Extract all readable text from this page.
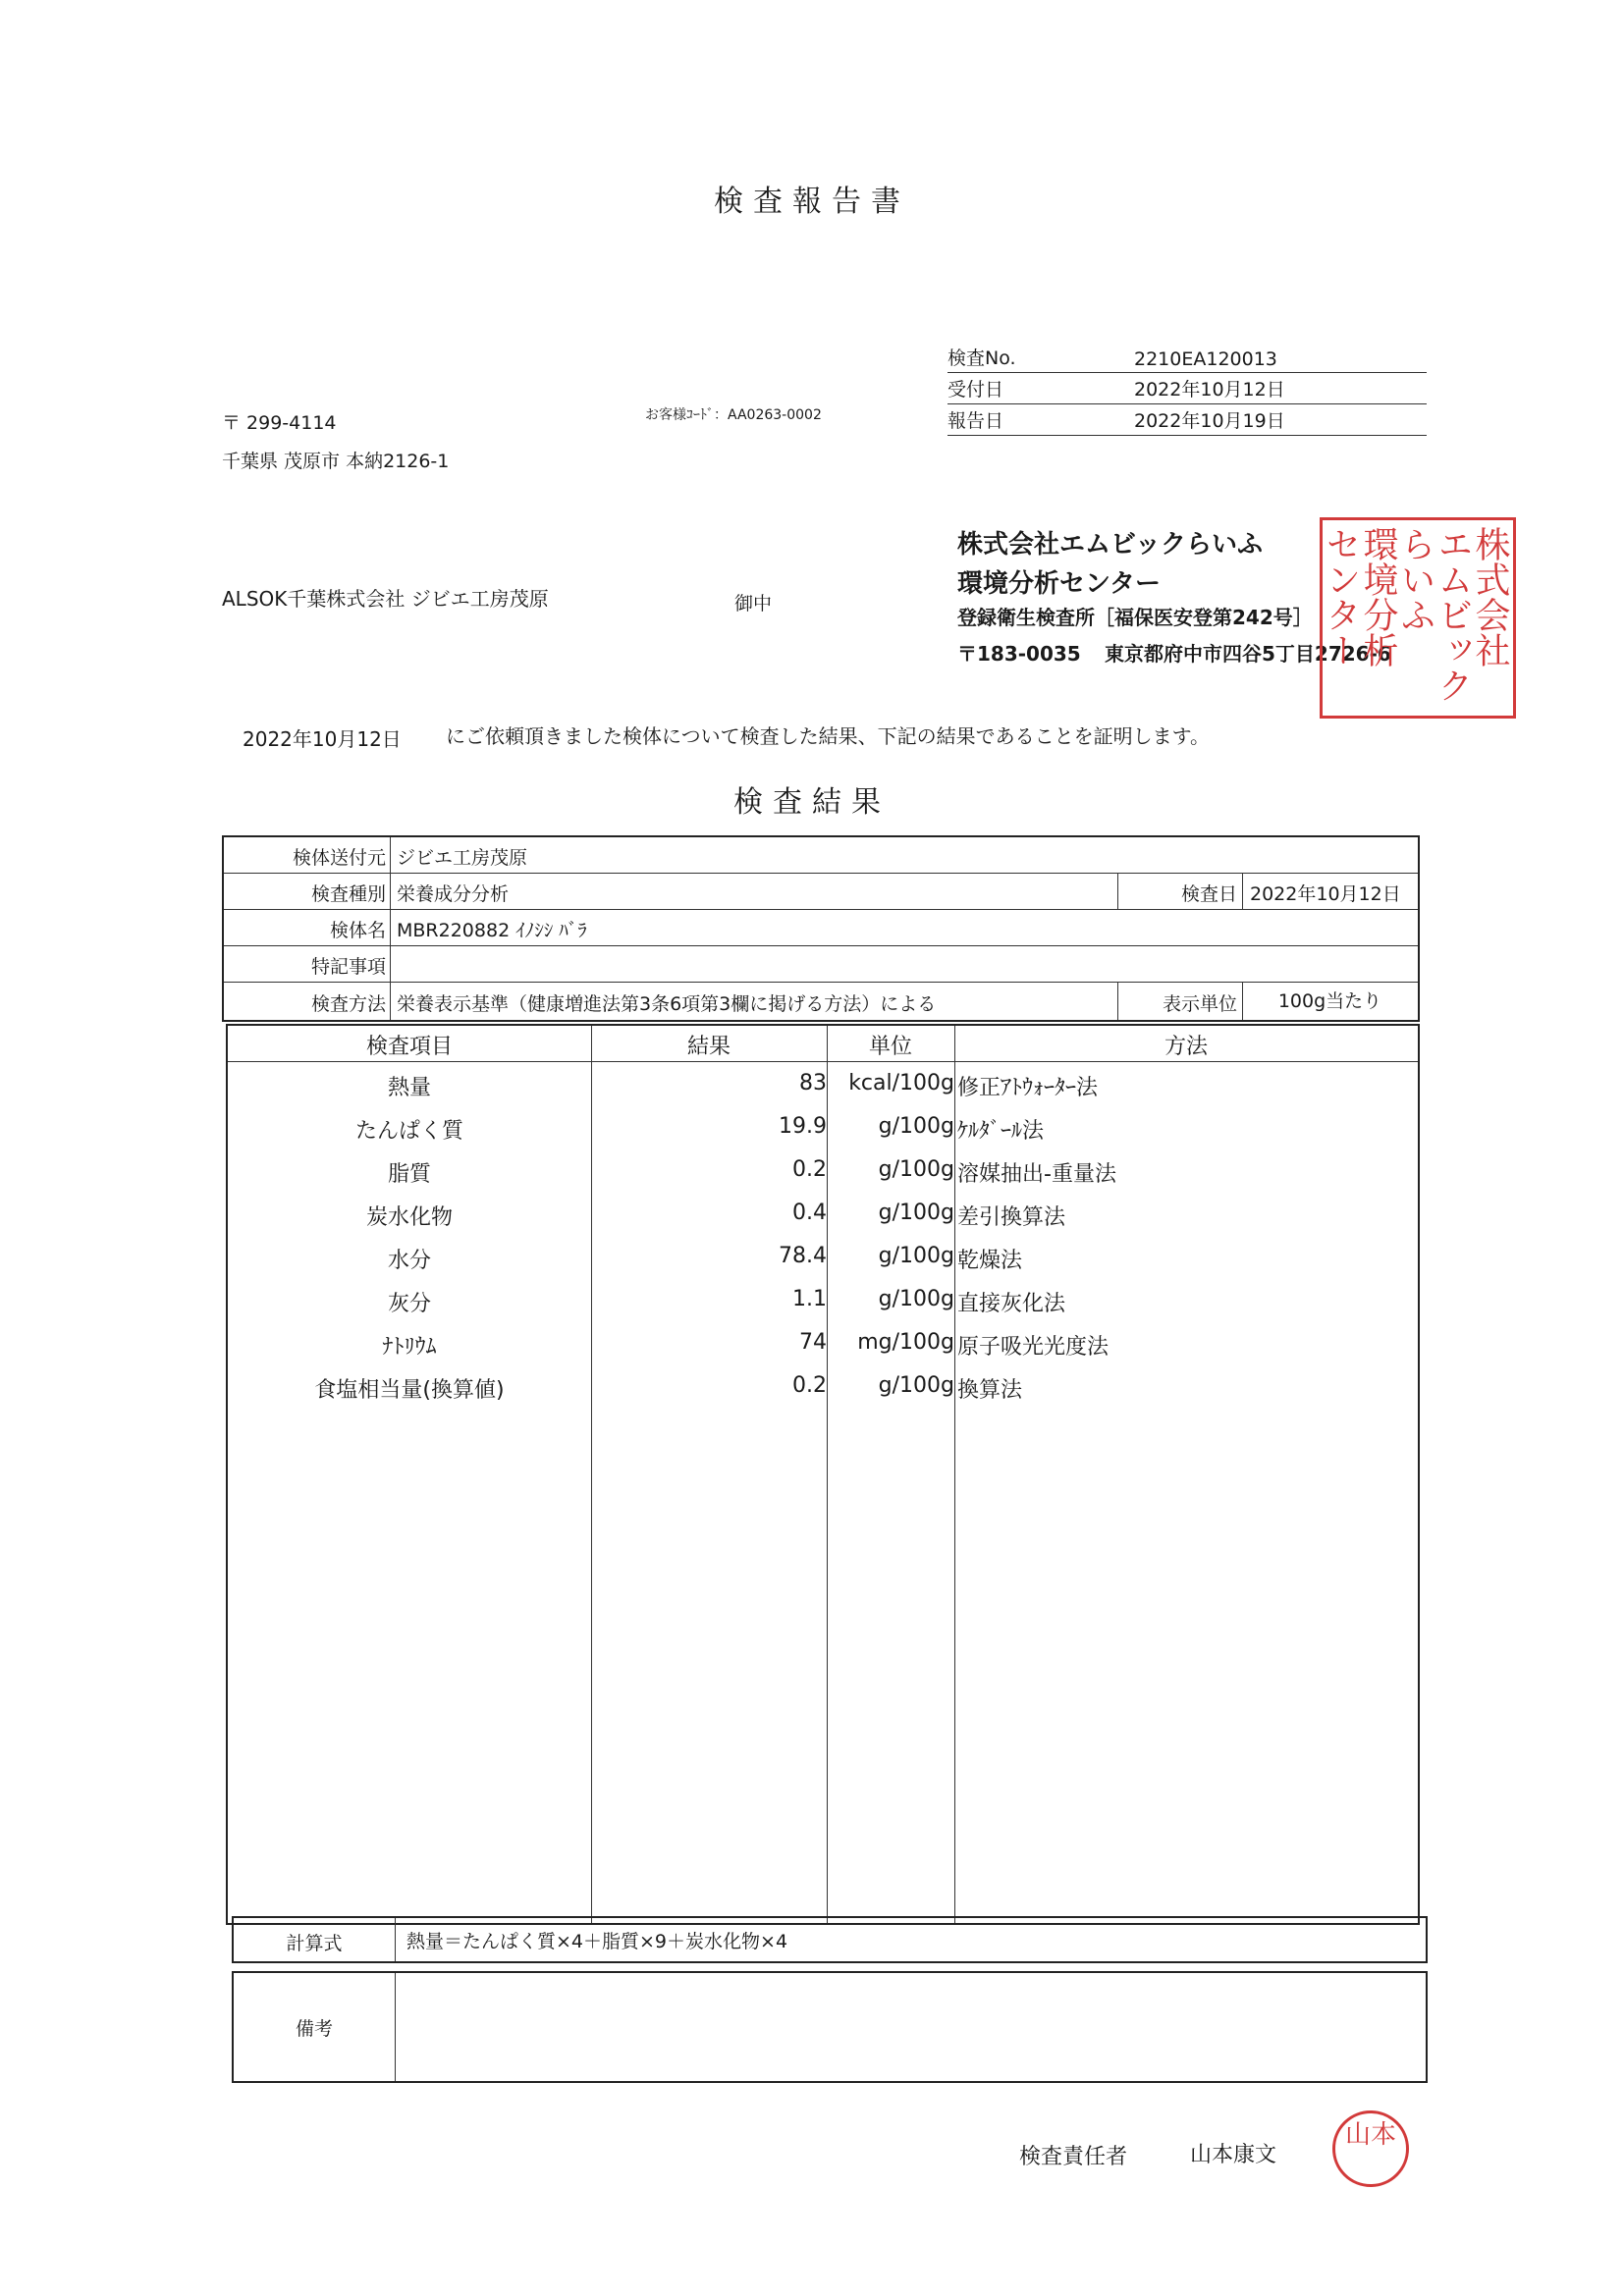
検査報告書
検査No.	2210EA120013
受付日	2022年10月12日
報告日	2022年10月19日
〒 299-4114
千葉県 茂原市 本納2126-1
お客様ｺｰﾄﾞ：AA0263-0002
ALSOK千葉株式会社 ジビエ工房茂原	御中
株式会社エムビックらいふ
環境分析センター
登録衛生検査所［福保医安登第242号］
〒183-0035 東京都府中市四谷5丁目2726-6 株式会社
エムビック
らいふ
環境分析
センター
2022年10月12日 にご依頼頂きました検体について検査した結果、下記の結果であることを証明します。
検査結果
検体送付元 ジビエ工房茂原
検査種別 栄養成分分析	検査日 2022年10月12日
検体名 MBR220882 ｲﾉｼｼ ﾊﾞﾗ
特記事項
検査方法 栄養表示基準（健康増進法第3条6項第3欄に掲げる方法）による	表示単位	100g当たり
検査項目	結果	単位	方法
熱量	83	kcal/100g 修正ｱﾄｳｫｰﾀｰ法
たんぱく質	19.9	g/100g ｹﾙﾀﾞｰﾙ法
脂質	0.2	g/100g 溶媒抽出-重量法
炭水化物	0.4	g/100g 差引換算法
水分	78.4	g/100g 乾燥法
灰分	1.1	g/100g 直接灰化法
ﾅﾄﾘｳﾑ	74	mg/100g 原子吸光光度法
食塩相当量(換算値)	0.2	g/100g 換算法
計算式	熱量＝たんぱく質×4＋脂質×9＋炭水化物×4
備考
検査責任者	山本康文
山本
